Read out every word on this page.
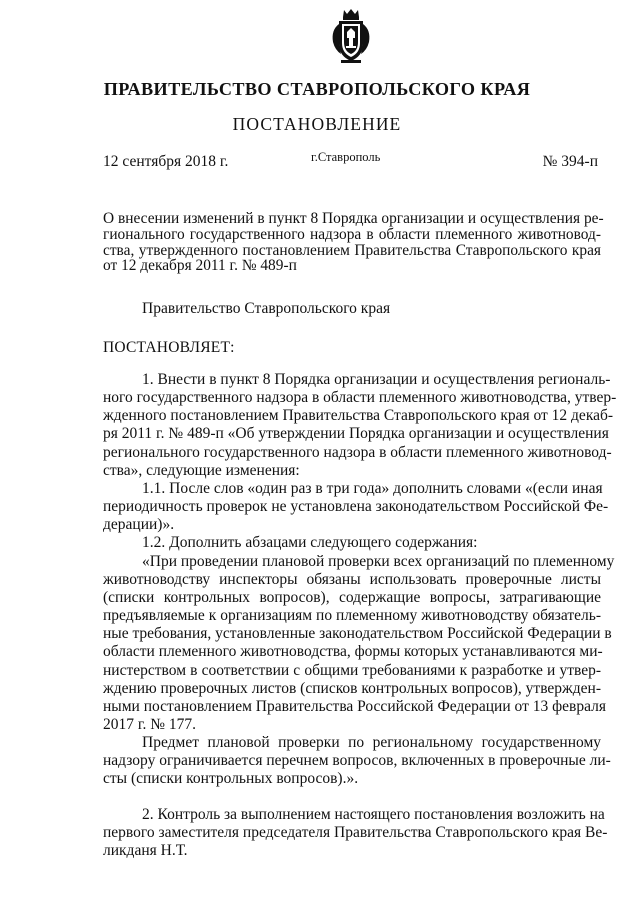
ПРАВИТЕЛЬСТВО СТАВРОПОЛЬСКОГО КРАЯ
ПОСТАНОВЛЕНИЕ
12 сентября 2018 г.	г.Ставрополь	№ 394-п
О внесении изменений в пункт 8 Порядка организации и осуществления ре-
гионального государственного надзора в области племенного животновод-
ства, утвержденного постановлением Правительства Ставропольского края
от 12 декабря 2011 г. № 489-п
Правительство Ставропольского края
ПОСТАНОВЛЯЕТ:
1. Внести в пункт 8 Порядка организации и осуществления региональ-
ного государственного надзора в области племенного животноводства, утвер-
жденного постановлением Правительства Ставропольского края от 12 декаб-
ря 2011 г. № 489-п «Об утверждении Порядка организации и осуществления
регионального государственного надзора в области племенного животновод-
ства», следующие изменения:
1.1. После слов «один раз в три года» дополнить словами «(если иная
периодичность проверок не установлена законодательством Российской Фе-
дерации)».
1.2. Дополнить абзацами следующего содержания:
«При проведении плановой проверки всех организаций по племенному
животноводству инспекторы обязаны использовать проверочные листы
(списки контрольных вопросов), содержащие вопросы, затрагивающие
предъявляемые к организациям по племенному животноводству обязатель-
ные требования, установленные законодательством Российской Федерации в
области племенного животноводства, формы которых устанавливаются ми-
нистерством в соответствии с общими требованиями к разработке и утвер-
ждению проверочных листов (списков контрольных вопросов), утвержден-
ными постановлением Правительства Российской Федерации от 13 февраля
2017 г. № 177.
Предмет плановой проверки по региональному государственному
надзору ограничивается перечнем вопросов, включенных в проверочные ли-
сты (списки контрольных вопросов).».
2. Контроль за выполнением настоящего постановления возложить на
первого заместителя председателя Правительства Ставропольского края Ве-
ликданя Н.Т.
